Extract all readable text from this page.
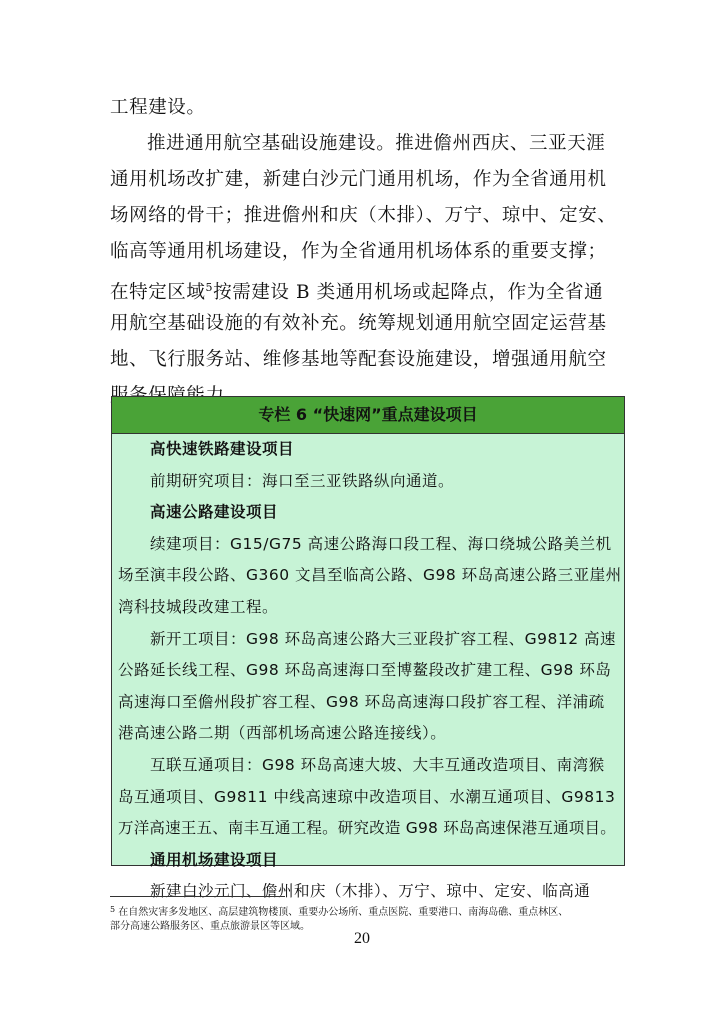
工程建设。
推进通用航空基础设施建设。推进儋州西庆、三亚天涯
通用机场改扩建，新建白沙元门通用机场，作为全省通用机
场网络的骨干；推进儋州和庆（木排）、万宁、琼中、定安、
临高等通用机场建设，作为全省通用机场体系的重要支撑；
在特定区域$^5$按需建设 B 类通用机场或起降点，作为全省通
用航空基础设施的有效补充。统筹规划通用航空固定运营基
地、飞行服务站、维修基地等配套设施建设，增强通用航空
专栏 6 “快速网”重点建设项目
高快速铁路建设项目
前期研究项目：海口至三亚铁路纵向通道。
高速公路建设项目
续建项目：G15/G75 高速公路海口段工程、海口绕城公路美兰机
场至演丰段公路、G360 文昌至临高公路、G98 环岛高速公路三亚崖州
湾科技城段改建工程。
新开工项目：G98 环岛高速公路大三亚段扩容工程、G9812 高速
公路延长线工程、G98 环岛高速海口至博鳌段改扩建工程、G98 环岛
高速海口至儋州段扩容工程、G98 环岛高速海口段扩容工程、洋浦疏
港高速公路二期（西部机场高速公路连接线）。
互联互通项目：G98 环岛高速大坡、大丰互通改造项目、南湾猴
岛互通项目、G9811 中线高速琼中改造项目、水潮互通项目、G9813
万洋高速王五、南丰互通工程。研究改造 G98 环岛高速保港互通项目。
通用机场建设项目
新建白沙元门、儋州和庆（木排）、万宁、琼中、定安、临高通
$^5$ 在自然灾害多发地区、高层建筑物楼顶、重要办公场所、重点医院、重要港口、南海岛礁、重点林区、
部分高速公路服务区、重点旅游景区等区域。
20
